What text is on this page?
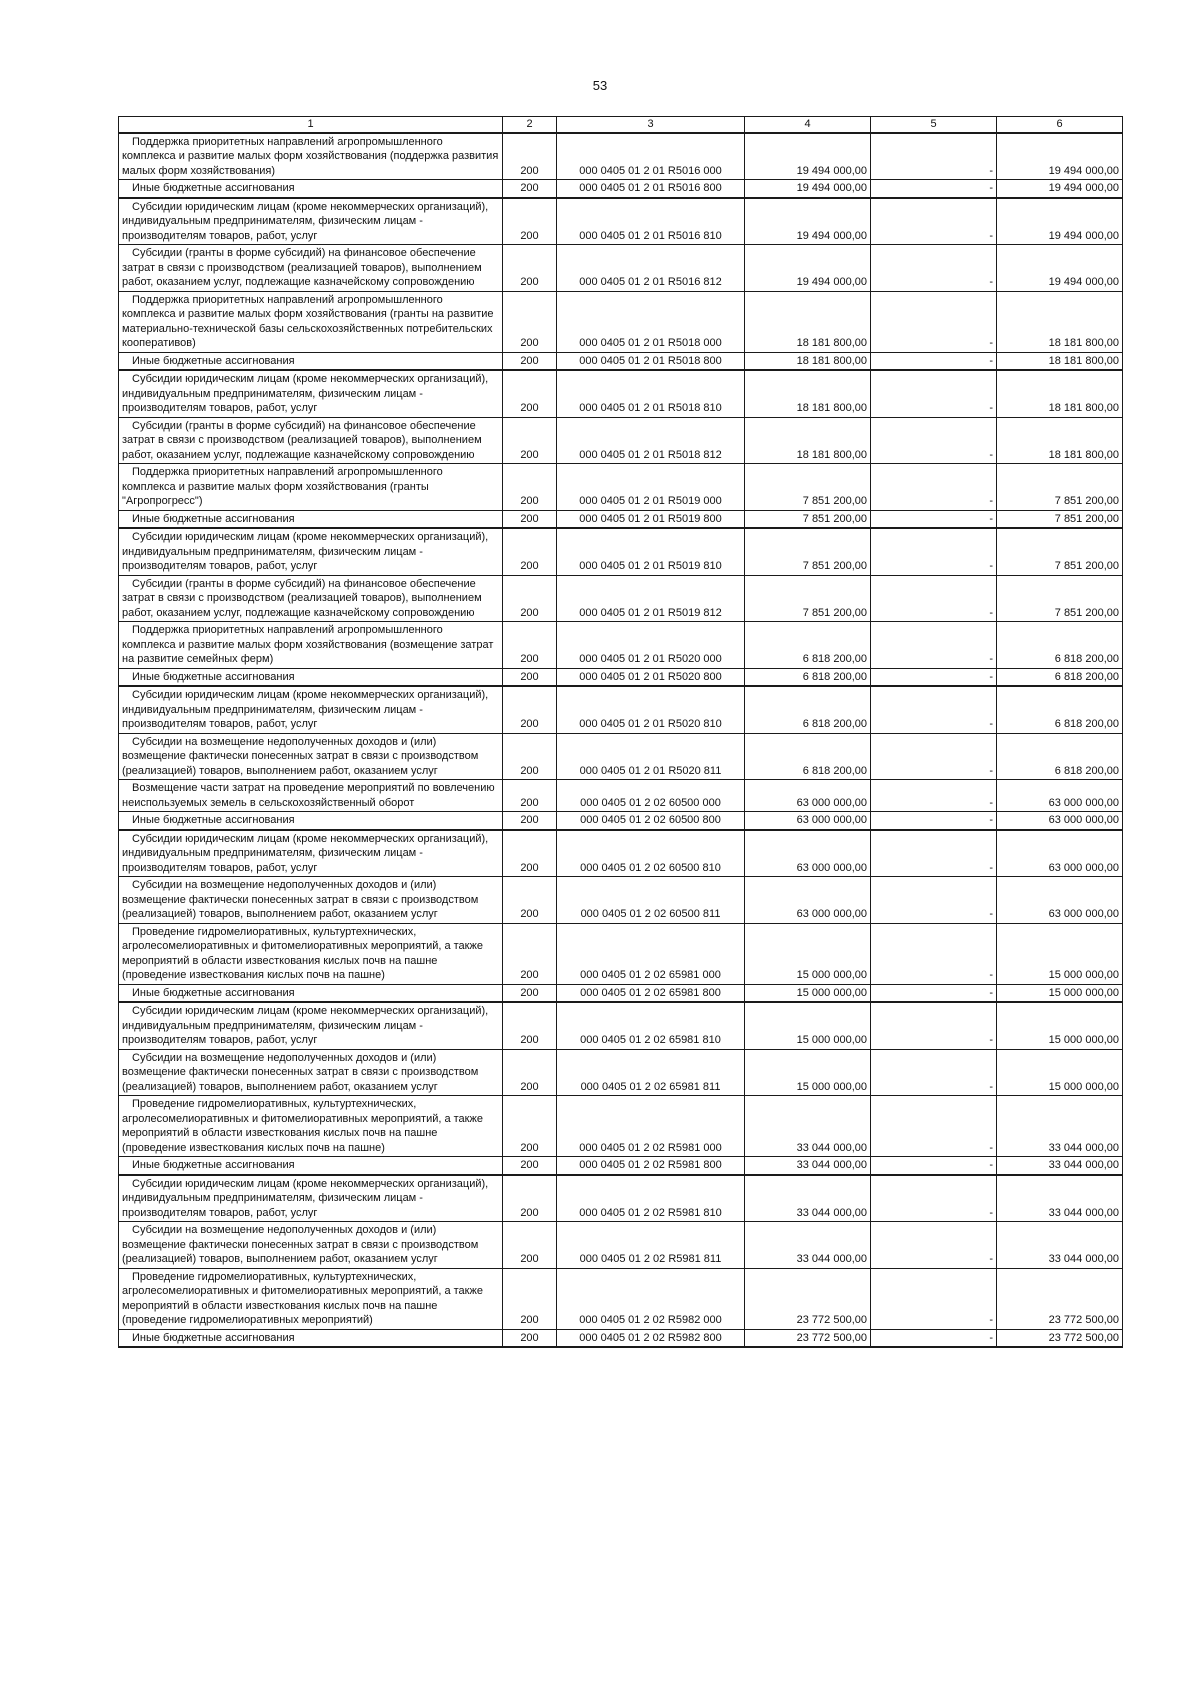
53
1	2	3	4	5	6
Поддержка приоритетных направлений агропромышленного комплекса и развитие малых форм хозяйствования (поддержка развития малых форм хозяйствования)	200	000 0405 01 2 01 R5016 000	19 494 000,00	-	19 494 000,00
Иные бюджетные ассигнования	200	000 0405 01 2 01 R5016 800	19 494 000,00	-	19 494 000,00
Субсидии юридическим лицам (кроме некоммерческих организаций), индивидуальным предпринимателям, физическим лицам - производителям товаров, работ, услуг	200	000 0405 01 2 01 R5016 810	19 494 000,00	-	19 494 000,00
Субсидии (гранты в форме субсидий) на финансовое обеспечение затрат в связи с производством (реализацией товаров), выполнением работ, оказанием услуг, подлежащие казначейскому сопровождению	200	000 0405 01 2 01 R5016 812	19 494 000,00	-	19 494 000,00
Поддержка приоритетных направлений агропромышленного комплекса и развитие малых форм хозяйствования (гранты на развитие материально-технической базы сельскохозяйственных потребительских кооперативов)	200	000 0405 01 2 01 R5018 000	18 181 800,00	-	18 181 800,00
Иные бюджетные ассигнования	200	000 0405 01 2 01 R5018 800	18 181 800,00	-	18 181 800,00
Субсидии юридическим лицам (кроме некоммерческих организаций), индивидуальным предпринимателям, физическим лицам - производителям товаров, работ, услуг	200	000 0405 01 2 01 R5018 810	18 181 800,00	-	18 181 800,00
Субсидии (гранты в форме субсидий) на финансовое обеспечение затрат в связи с производством (реализацией товаров), выполнением работ, оказанием услуг, подлежащие казначейскому сопровождению	200	000 0405 01 2 01 R5018 812	18 181 800,00	-	18 181 800,00
Поддержка приоритетных направлений агропромышленного комплекса и развитие малых форм хозяйствования (гранты "Агропрогресс")	200	000 0405 01 2 01 R5019 000	7 851 200,00	-	7 851 200,00
Иные бюджетные ассигнования	200	000 0405 01 2 01 R5019 800	7 851 200,00	-	7 851 200,00
Субсидии юридическим лицам (кроме некоммерческих организаций), индивидуальным предпринимателям, физическим лицам - производителям товаров, работ, услуг	200	000 0405 01 2 01 R5019 810	7 851 200,00	-	7 851 200,00
Субсидии (гранты в форме субсидий) на финансовое обеспечение затрат в связи с производством (реализацией товаров), выполнением работ, оказанием услуг, подлежащие казначейскому сопровождению	200	000 0405 01 2 01 R5019 812	7 851 200,00	-	7 851 200,00
Поддержка приоритетных направлений агропромышленного комплекса и развитие малых форм хозяйствования (возмещение затрат на развитие семейных ферм)	200	000 0405 01 2 01 R5020 000	6 818 200,00	-	6 818 200,00
Иные бюджетные ассигнования	200	000 0405 01 2 01 R5020 800	6 818 200,00	-	6 818 200,00
Субсидии юридическим лицам (кроме некоммерческих организаций), индивидуальным предпринимателям, физическим лицам - производителям товаров, работ, услуг	200	000 0405 01 2 01 R5020 810	6 818 200,00	-	6 818 200,00
Субсидии на возмещение недополученных доходов и (или) возмещение фактически понесенных затрат в связи с производством (реализацией) товаров, выполнением работ, оказанием услуг	200	000 0405 01 2 01 R5020 811	6 818 200,00	-	6 818 200,00
Возмещение части затрат на проведение мероприятий по вовлечению неиспользуемых земель в сельскохозяйственный оборот	200	000 0405 01 2 02 60500 000	63 000 000,00	-	63 000 000,00
Иные бюджетные ассигнования	200	000 0405 01 2 02 60500 800	63 000 000,00	-	63 000 000,00
Субсидии юридическим лицам (кроме некоммерческих организаций), индивидуальным предпринимателям, физическим лицам - производителям товаров, работ, услуг	200	000 0405 01 2 02 60500 810	63 000 000,00	-	63 000 000,00
Субсидии на возмещение недополученных доходов и (или) возмещение фактически понесенных затрат в связи с производством (реализацией) товаров, выполнением работ, оказанием услуг	200	000 0405 01 2 02 60500 811	63 000 000,00	-	63 000 000,00
Проведение гидромелиоративных, культуртехнических, агролесомелиоративных и фитомелиоративных мероприятий, а также мероприятий в области известкования кислых почв на пашне (проведение известкования кислых почв на пашне)	200	000 0405 01 2 02 65981 000	15 000 000,00	-	15 000 000,00
Иные бюджетные ассигнования	200	000 0405 01 2 02 65981 800	15 000 000,00	-	15 000 000,00
Субсидии юридическим лицам (кроме некоммерческих организаций), индивидуальным предпринимателям, физическим лицам - производителям товаров, работ, услуг	200	000 0405 01 2 02 65981 810	15 000 000,00	-	15 000 000,00
Субсидии на возмещение недополученных доходов и (или) возмещение фактически понесенных затрат в связи с производством (реализацией) товаров, выполнением работ, оказанием услуг	200	000 0405 01 2 02 65981 811	15 000 000,00	-	15 000 000,00
Проведение гидромелиоративных, культуртехнических, агролесомелиоративных и фитомелиоративных мероприятий, а также мероприятий в области известкования кислых почв на пашне (проведение известкования кислых почв на пашне)	200	000 0405 01 2 02 R5981 000	33 044 000,00	-	33 044 000,00
Иные бюджетные ассигнования	200	000 0405 01 2 02 R5981 800	33 044 000,00	-	33 044 000,00
Субсидии юридическим лицам (кроме некоммерческих организаций), индивидуальным предпринимателям, физическим лицам - производителям товаров, работ, услуг	200	000 0405 01 2 02 R5981 810	33 044 000,00	-	33 044 000,00
Субсидии на возмещение недополученных доходов и (или) возмещение фактически понесенных затрат в связи с производством (реализацией) товаров, выполнением работ, оказанием услуг	200	000 0405 01 2 02 R5981 811	33 044 000,00	-	33 044 000,00
Проведение гидромелиоративных, культуртехнических, агролесомелиоративных и фитомелиоративных мероприятий, а также мероприятий в области известкования кислых почв на пашне (проведение гидромелиоративных мероприятий)	200	000 0405 01 2 02 R5982 000	23 772 500,00	-	23 772 500,00
Иные бюджетные ассигнования	200	000 0405 01 2 02 R5982 800	23 772 500,00	-	23 772 500,00
